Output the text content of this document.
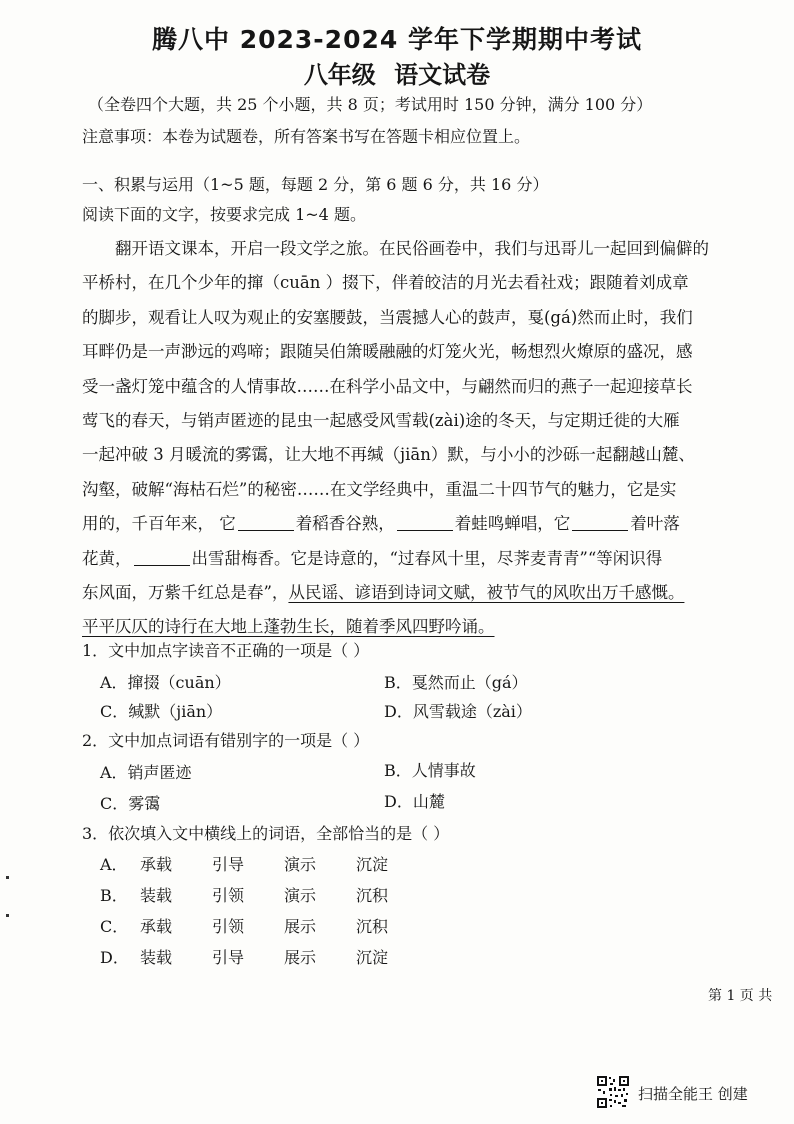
腾八中 2023-2024 学年下学期期中考试
八年级 语文试卷
（全卷四个大题，共 25 个小题，共 8 页；考试用时 150 分钟，满分 100 分）
注意事项：本卷为试题卷，所有答案书写在答题卡相应位置上。
一、积累与运用（1~5 题，每题 2 分，第 6 题 6 分，共 16 分）
阅读下面的文字，按要求完成 1~4 题。
翻开语文课本，开启一段文学之旅。在民俗画卷中，我们与迅哥儿一起回到偏僻的
平桥村，在几个少年的撺（cuān ）掇下，伴着皎洁的月光去看社戏；跟随着刘成章
的脚步，观看让人叹为观止的安塞腰鼓，当震撼人心的鼓声，戛(gá)然而止时，我们
耳畔仍是一声渺远的鸡啼；跟随吴伯箫暖融融的灯笼火光，畅想烈火燎原的盛况，感
受一盏灯笼中蕴含的人情事故……在科学小品文中，与翩然而归的燕子一起迎接草长
莺飞的春天，与销声匿迹的昆虫一起感受风雪载(zài)途的冬天，与定期迁徙的大雁
一起冲破 3 月暖流的雾霭，让大地不再缄（jiān）默，与小小的沙砾一起翻越山麓、
沟壑，破解“海枯石烂”的秘密……在文学经典中，重温二十四节气的魅力，它是实
用的，千百年来， 它	着稻香谷熟，	着蛙鸣蝉唱，它	着叶落
花黄，	出雪甜梅香。它是诗意的，“过春风十里，尽荠麦青青”“等闲识得
东风面，万紫千红总是春”，从民谣、谚语到诗词文赋，被节气的风吹出万千感慨。
平平仄仄的诗行在大地上蓬勃生长，随着季风四野吟诵。
1．文中加点字读音不正确的一项是（ ）
A．撺掇（cuān）	B．戛然而止（gá）
C．缄默（jiān）	D．风雪载途（zài）
2．文中加点词语有错别字的一项是（ ）
A．销声匿迹	B．人情事故
C．雾霭	D．山麓
3．依次填入文中横线上的词语，全部恰当的是（ ）
A． 承载 引导 演示 沉淀
B． 装载 引领 演示 沉积
C． 承载 引领 展示 沉积
D． 装载 引导 展示 沉淀
第 1 页 共
扫描全能王 创建
